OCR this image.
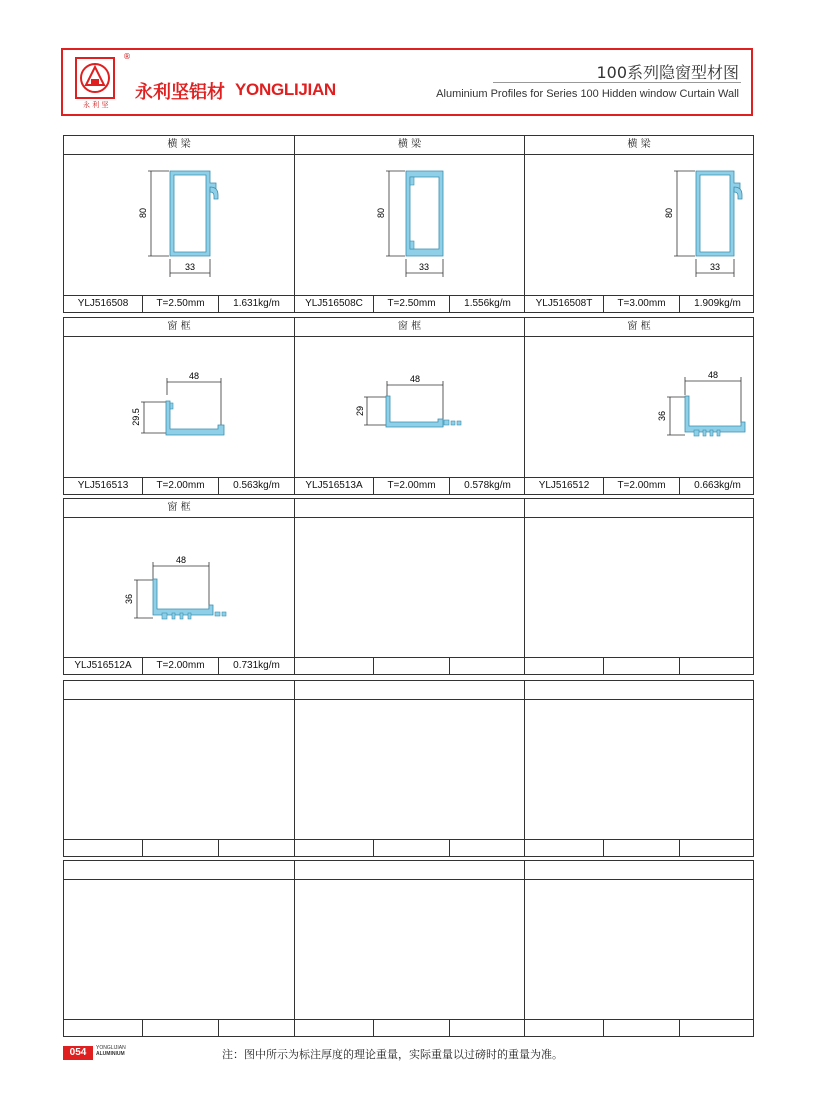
永 利 坚
®
永利坚铝材 YONGLIJIAN
100系列隐窗型材图
Aluminium Profiles for Series 100 Hidden window Curtain Wall
横 梁
80
33
YLJ516508	T=2.50mm	1.631kg/m
横 梁
80
33
YLJ516508C	T=2.50mm	1.556kg/m
横 梁
80
33
YLJ516508T	T=3.00mm	1.909kg/m
窗 框
48
29.5
YLJ516513	T=2.00mm	0.563kg/m
窗 框
48
29
YLJ516513A	T=2.00mm	0.578kg/m
窗 框
48
36
YLJ516512	T=2.00mm	0.663kg/m
窗 框
48
36
YLJ516512A	T=2.00mm	0.731kg/m
054	YONGLIJIAN
ALUMINIUM	注：图中所示为标注厚度的理论重量，实际重量以过磅时的重量为准。
